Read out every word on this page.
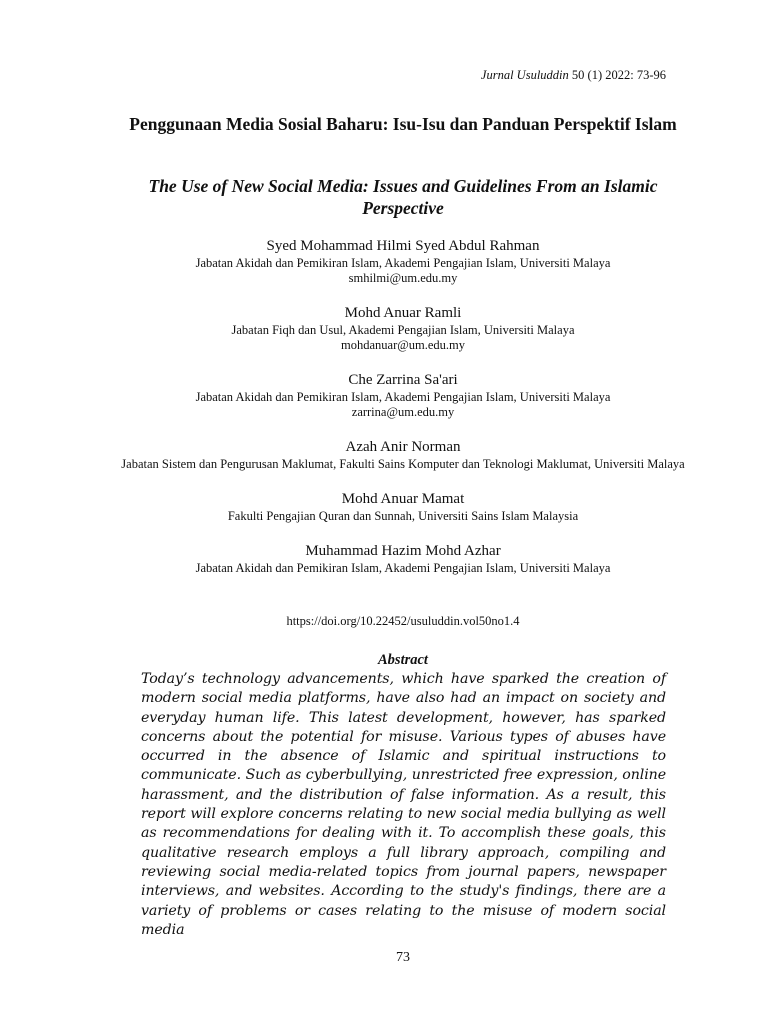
Jurnal Usuluddin 50 (1) 2022: 73-96
Penggunaan Media Sosial Baharu: Isu-Isu dan Panduan Perspektif Islam
The Use of New Social Media: Issues and Guidelines From an Islamic Perspective
Syed Mohammad Hilmi Syed Abdul Rahman
Jabatan Akidah dan Pemikiran Islam, Akademi Pengajian Islam, Universiti Malaya
smhilmi@um.edu.my
Mohd Anuar Ramli
Jabatan Fiqh dan Usul, Akademi Pengajian Islam, Universiti Malaya
mohdanuar@um.edu.my
Che Zarrina Sa'ari
Jabatan Akidah dan Pemikiran Islam, Akademi Pengajian Islam, Universiti Malaya
zarrina@um.edu.my
Azah Anir Norman
Jabatan Sistem dan Pengurusan Maklumat, Fakulti Sains Komputer dan Teknologi Maklumat, Universiti Malaya
Mohd Anuar Mamat
Fakulti Pengajian Quran dan Sunnah, Universiti Sains Islam Malaysia
Muhammad Hazim Mohd Azhar
Jabatan Akidah dan Pemikiran Islam, Akademi Pengajian Islam, Universiti Malaya
https://doi.org/10.22452/usuluddin.vol50no1.4
Abstract
Today’s technology advancements, which have sparked the creation of modern social media platforms, have also had an impact on society and everyday human life. This latest development, however, has sparked concerns about the potential for misuse. Various types of abuses have occurred in the absence of Islamic and spiritual instructions to communicate. Such as cyberbullying, unrestricted free expression, online harassment, and the distribution of false information. As a result, this report will explore concerns relating to new social media bullying as well as recommendations for dealing with it. To accomplish these goals, this qualitative research employs a full library approach, compiling and reviewing social media-related topics from journal papers, newspaper interviews, and websites. According to the study's findings, there are a variety of problems or cases relating to the misuse of modern social media
73
